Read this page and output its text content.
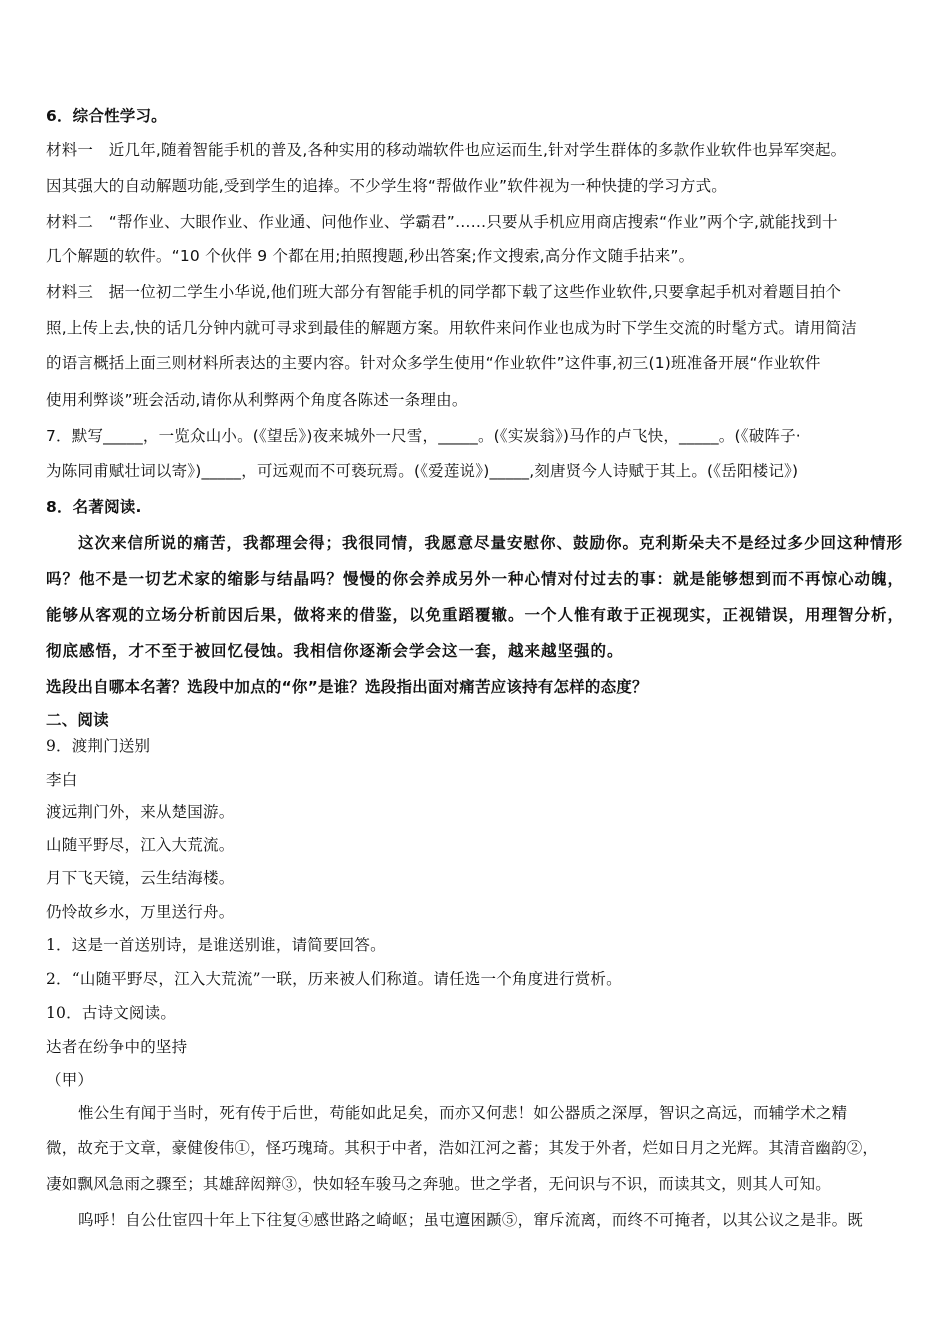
6．综合性学习。
材料一　近几年,随着智能手机的普及,各种实用的移动端软件也应运而生,针对学生群体的多款作业软件也异军突起。
因其强大的自动解题功能,受到学生的追捧。不少学生将“帮做作业”软件视为一种快捷的学习方式。
材料二　“帮作业、大眼作业、作业通、问他作业、学霸君”……只要从手机应用商店搜索“作业”两个字,就能找到十
几个解题的软件。“10 个伙伴 9 个都在用;拍照搜题,秒出答案;作文搜索,高分作文随手拈来”。
材料三　据一位初二学生小华说,他们班大部分有智能手机的同学都下载了这些作业软件,只要拿起手机对着题目拍个
照,上传上去,快的话几分钟内就可寻求到最佳的解题方案。用软件来问作业也成为时下学生交流的时髦方式。请用简洁
的语言概括上面三则材料所表达的主要内容。针对众多学生使用“作业软件”这件事,初三(1)班准备开展“作业软件
使用利弊谈”班会活动,请你从利弊两个角度各陈述一条理由。
7．默写_____，一览众山小。(《望岳》)夜来城外一尺雪，_____。(《实炭翁》)马作的卢飞快，_____。(《破阵子·
为陈同甫赋壮词以寄》)_____，可远观而不可亵玩焉。(《爱莲说》)_____,刻唐贤今人诗赋于其上。(《岳阳楼记》)
8．名著阅读.
这次来信所说的痛苦，我都理会得；我很同情，我愿意尽量安慰你、鼓励你。克利斯朵夫不是经过多少回这种情形
吗？他不是一切艺术家的缩影与结晶吗？慢慢的你会养成另外一种心情对付过去的事：就是能够想到而不再惊心动魄，
能够从客观的立场分析前因后果，做将来的借鉴，以免重蹈覆辙。一个人惟有敢于正视现实，正视错误，用理智分析，
彻底感悟，才不至于被回忆侵蚀。我相信你逐渐会学会这一套，越来越坚强的。
选段出自哪本名著？选段中加点的“你”是谁？选段指出面对痛苦应该持有怎样的态度？
二、阅读
9．渡荆门送别
李白
渡远荆门外，来从楚国游。
山随平野尽，江入大荒流。
月下飞天镜，云生结海楼。
仍怜故乡水，万里送行舟。
1．这是一首送别诗，是谁送别谁，请简要回答。
2．“山随平野尽，江入大荒流”一联，历来被人们称道。请任选一个角度进行赏析。
10．古诗文阅读。
达者在纷争中的坚持
（甲）
惟公生有闻于当时，死有传于后世，苟能如此足矣，而亦又何悲！如公器质之深厚，智识之高远，而辅学术之精
微，故充于文章，豪健俊伟①，怪巧瑰琦。其积于中者，浩如江河之蓄；其发于外者，烂如日月之光辉。其清音幽韵②，
凄如飘风急雨之骤至；其雄辞闳辩③，快如轻车骏马之奔驰。世之学者，无问识与不识，而读其文，则其人可知。
呜呼！自公仕宦四十年上下往复④感世路之崎岖；虽屯邅困踬⑤，窜斥流离，而终不可掩者，以其公议之是非。既
